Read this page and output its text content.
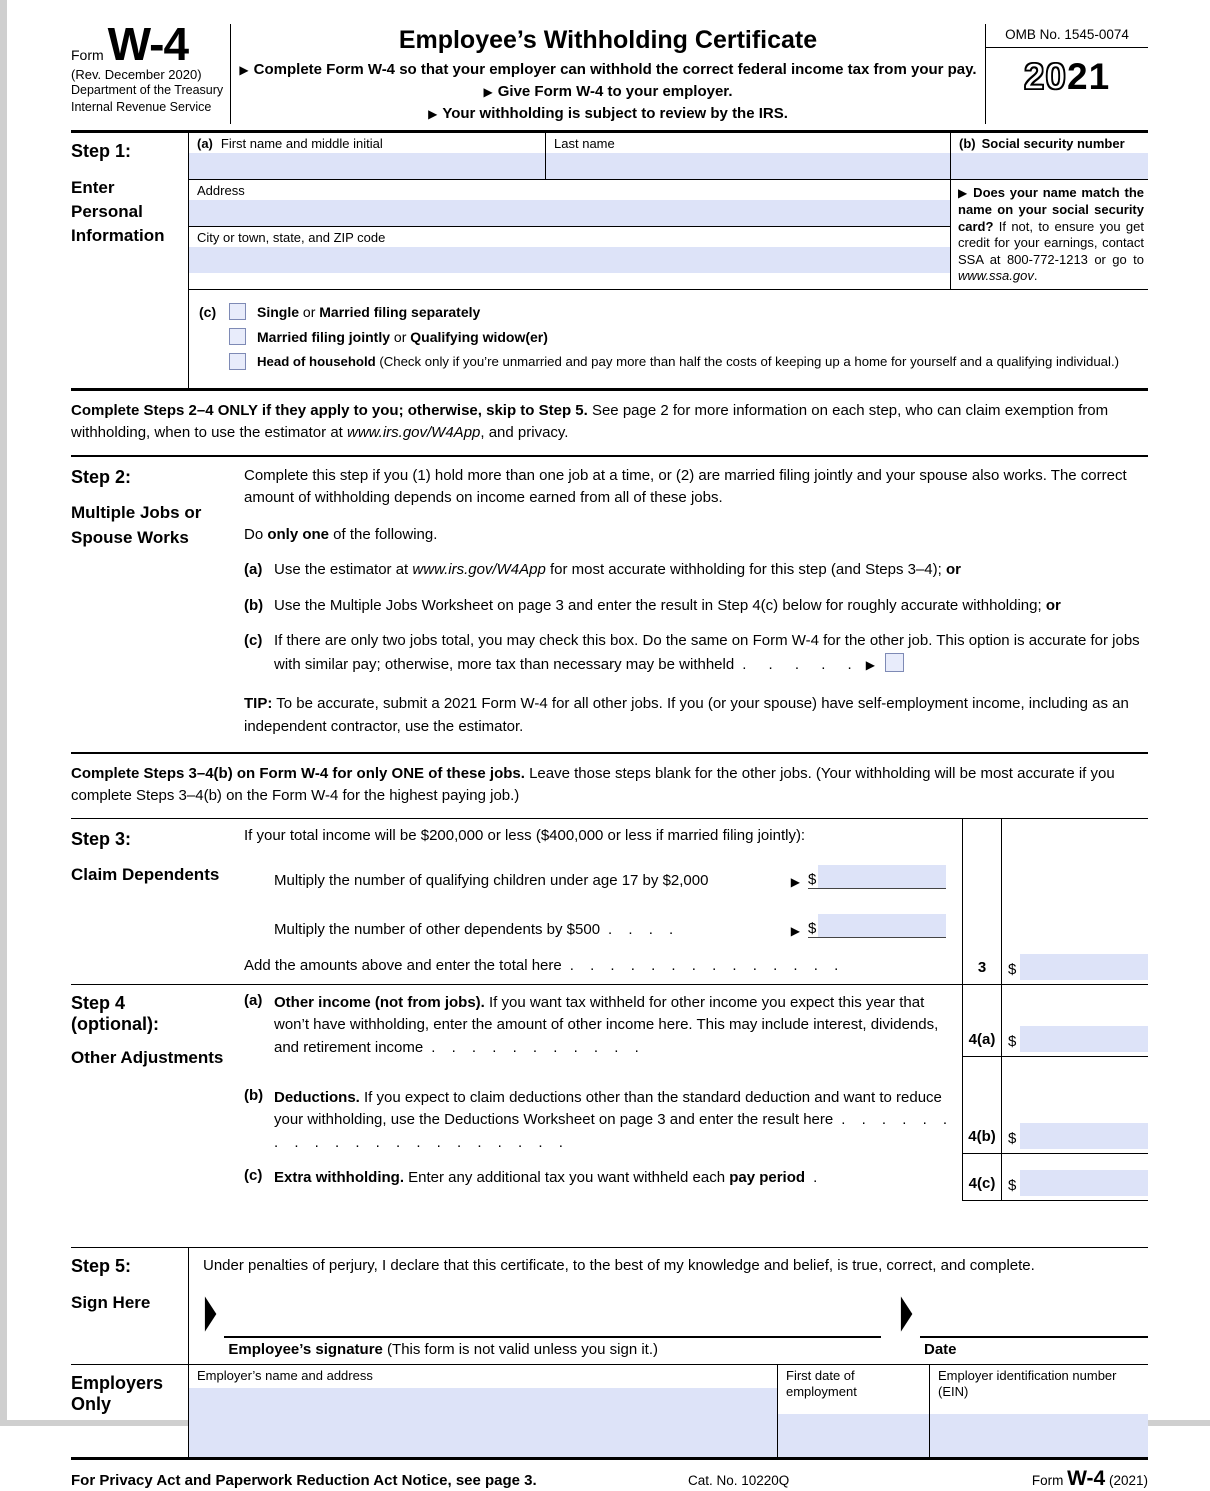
FormW-4
(Rev. December 2020)
Department of the Treasury
Internal Revenue Service
Employee’s Withholding Certificate
▶ Complete Form W-4 so that your employer can withhold the correct federal income tax from your pay.
▶ Give Form W-4 to your employer.
▶ Your withholding is subject to review by the IRS.
OMB No. 1545-0074
2021
Step 1:
Enter Personal Information
(a) First name and middle initial	Last name
Address
City or town, state, and ZIP code
(b) Social security number
▶ Does your name match the name on your social security card? If not, to ensure you get credit for your earnings, contact SSA at 800-772-1213 or go to www.ssa.gov.
(c)	Single or Married filing separately
Married filing jointly or Qualifying widow(er)
Head of household (Check only if you’re unmarried and pay more than half the costs of keeping up a home for yourself and a qualifying individual.)
Complete Steps 2–4 ONLY if they apply to you; otherwise, skip to Step 5. See page 2 for more information on each step, who can claim exemption from withholding, when to use the estimator at www.irs.gov/W4App, and privacy.
Step 2:
Multiple Jobs or Spouse Works

Complete this step if you (1) hold more than one job at a time, or (2) are married filing jointly and your spouse also works. The correct amount of withholding depends on income earned from all of these jobs.

Do only one of the following.

(a) Use the estimator at www.irs.gov/W4App for most accurate withholding for this step (and Steps 3–4); or
(b) Use the Multiple Jobs Worksheet on page 3 and enter the result in Step 4(c) below for roughly accurate withholding; or
(c) If there are only two jobs total, you may check this box. Do the same on Form W-4 for the other job. This option is accurate for jobs with similar pay; otherwise, more tax than necessary may be withheld . . . . . ▶

TIP: To be accurate, submit a 2021 Form W-4 for all other jobs. If you (or your spouse) have self-employment income, including as an independent contractor, use the estimator.

Complete Steps 3–4(b) on Form W-4 for only ONE of these jobs. Leave those steps blank for the other jobs. (Your withholding will be most accurate if you complete Steps 3–4(b) on the Form W-4 for the highest paying job.)
Step 3:
Claim Dependents
If your total income will be $200,000 or less ($400,000 or less if married filing jointly):
Multiply the number of qualifying children under age 17 by $2,000	▶ $
Multiply the number of other dependents by $500 . . . .	▶ $
Add the amounts above and enter the total here . . . . . . . . . . . . . .	3	$
Step 4
(optional):
Other Adjustments
(a) Other income (not from jobs). If you want tax withheld for other income you expect this year that won’t have withholding, enter the amount of other income here. This may include interest, dividends, and retirement income . . . . . . . . . . .	4(a) $
(b) Deductions. If you expect to claim deductions other than the standard deduction and want to reduce your withholding, use the Deductions Worksheet on page 3 and enter the result here . . . . . . . . . . . . . . . . . . . . .	4(b) $
(c) Extra withholding. Enter any additional tax you want withheld each pay period .	4(c) $
Step 5:
Sign Here
Under penalties of perjury, I declare that this certificate, to the best of my knowledge and belief, is true, correct, and complete.
▶
Employee’s signature (This form is not valid unless you sign it.)
▶
Date
Employers
Only
Employer’s name and address	First date of employment
Employer identification number (EIN)
For Privacy Act and Paperwork Reduction Act Notice, see page 3.	Cat. No. 10220Q	Form W-4 (2021)
